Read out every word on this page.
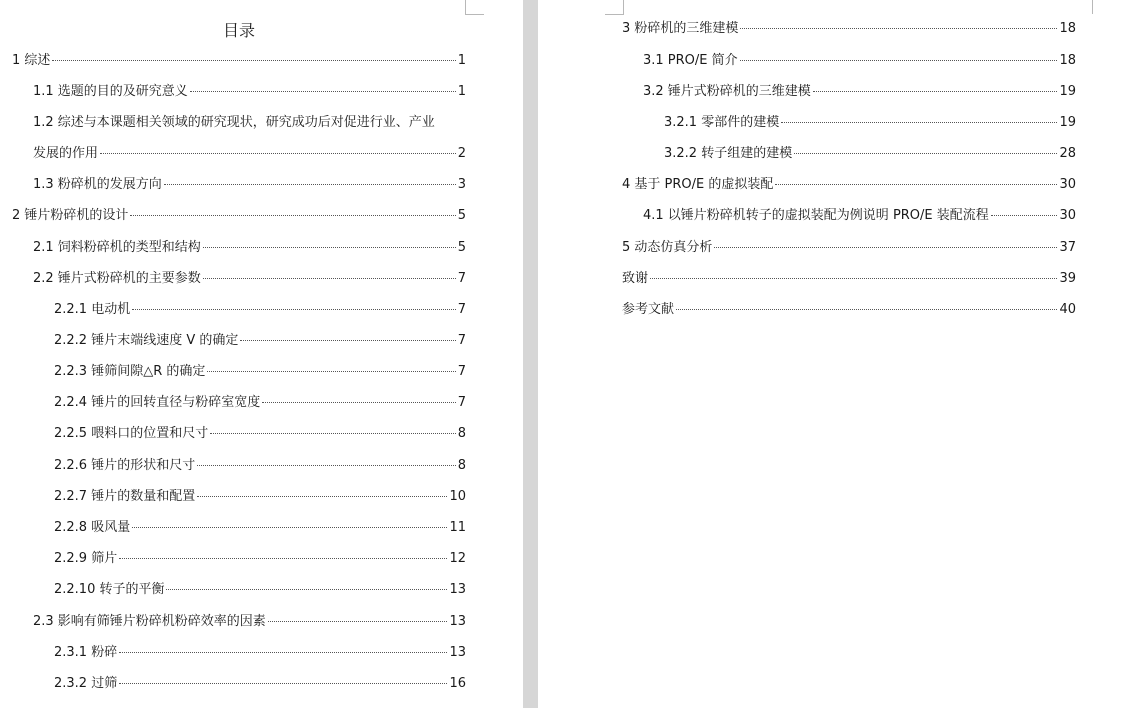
目录
1 综述	1
1.1 选题的目的及研究意义	1
1.2 综述与本课题相关领域的研究现状，研究成功后对促进行业、产业
发展的作用	2
1.3 粉碎机的发展方向	3
2 锤片粉碎机的设计	5
2.1 饲料粉碎机的类型和结构	5
2.2 锤片式粉碎机的主要参数	7
2.2.1 电动机	7
2.2.2 锤片末端线速度 V 的确定	7
2.2.3 锤筛间隙△R 的确定	7
2.2.4 锤片的回转直径与粉碎室宽度	7
2.2.5 喂料口的位置和尺寸	8
2.2.6 锤片的形状和尺寸	8
2.2.7 锤片的数量和配置	10
2.2.8 吸风量	11
2.2.9 筛片	12
2.2.10 转子的平衡	13
2.3 影响有筛锤片粉碎机粉碎效率的因素	13
2.3.1 粉碎	13
2.3.2 过筛	16
3 粉碎机的三维建模	18
3.1 PRO/E 简介	18
3.2 锤片式粉碎机的三维建模	19
3.2.1 零部件的建模	19
3.2.2 转子组建的建模	28
4 基于 PRO/E 的虚拟装配	30
4.1 以锤片粉碎机转子的虚拟装配为例说明 PRO/E 装配流程	30
5 动态仿真分析	37
致谢	39
参考文献	40
